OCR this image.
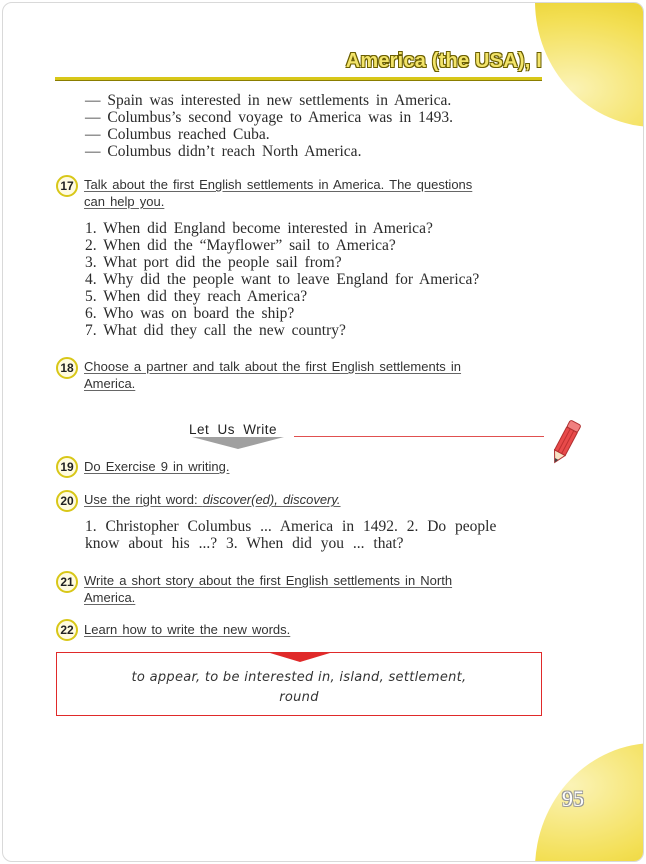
America (the USA), I
— Spain was interested in new settlements in America.
— Columbus’s second voyage to America was in 1493.
— Columbus reached Cuba.
— Columbus didn’t reach North America.
17 Talk about the first English settlements in America. The questions
can help you.
1. When did England become interested in America?
2. When did the “Mayflower” sail to America?
3. What port did the people sail from?
4. Why did the people want to leave England for America?
5. When did they reach America?
6. Who was on board the ship?
7. What did they call the new country?
18 Choose a partner and talk about the first English settlements in
America.
Let Us Write
19 Do Exercise 9 in writing.
20 Use the right word: discover(ed), discovery.
1. Christopher Columbus ... America in 1492. 2. Do people
know about his ...? 3. When did you ... that?
21 Write a short story about the first English settlements in North
America.
22 Learn how to write the new words.
to appear, to be interested in, island, settlement,
round
95
